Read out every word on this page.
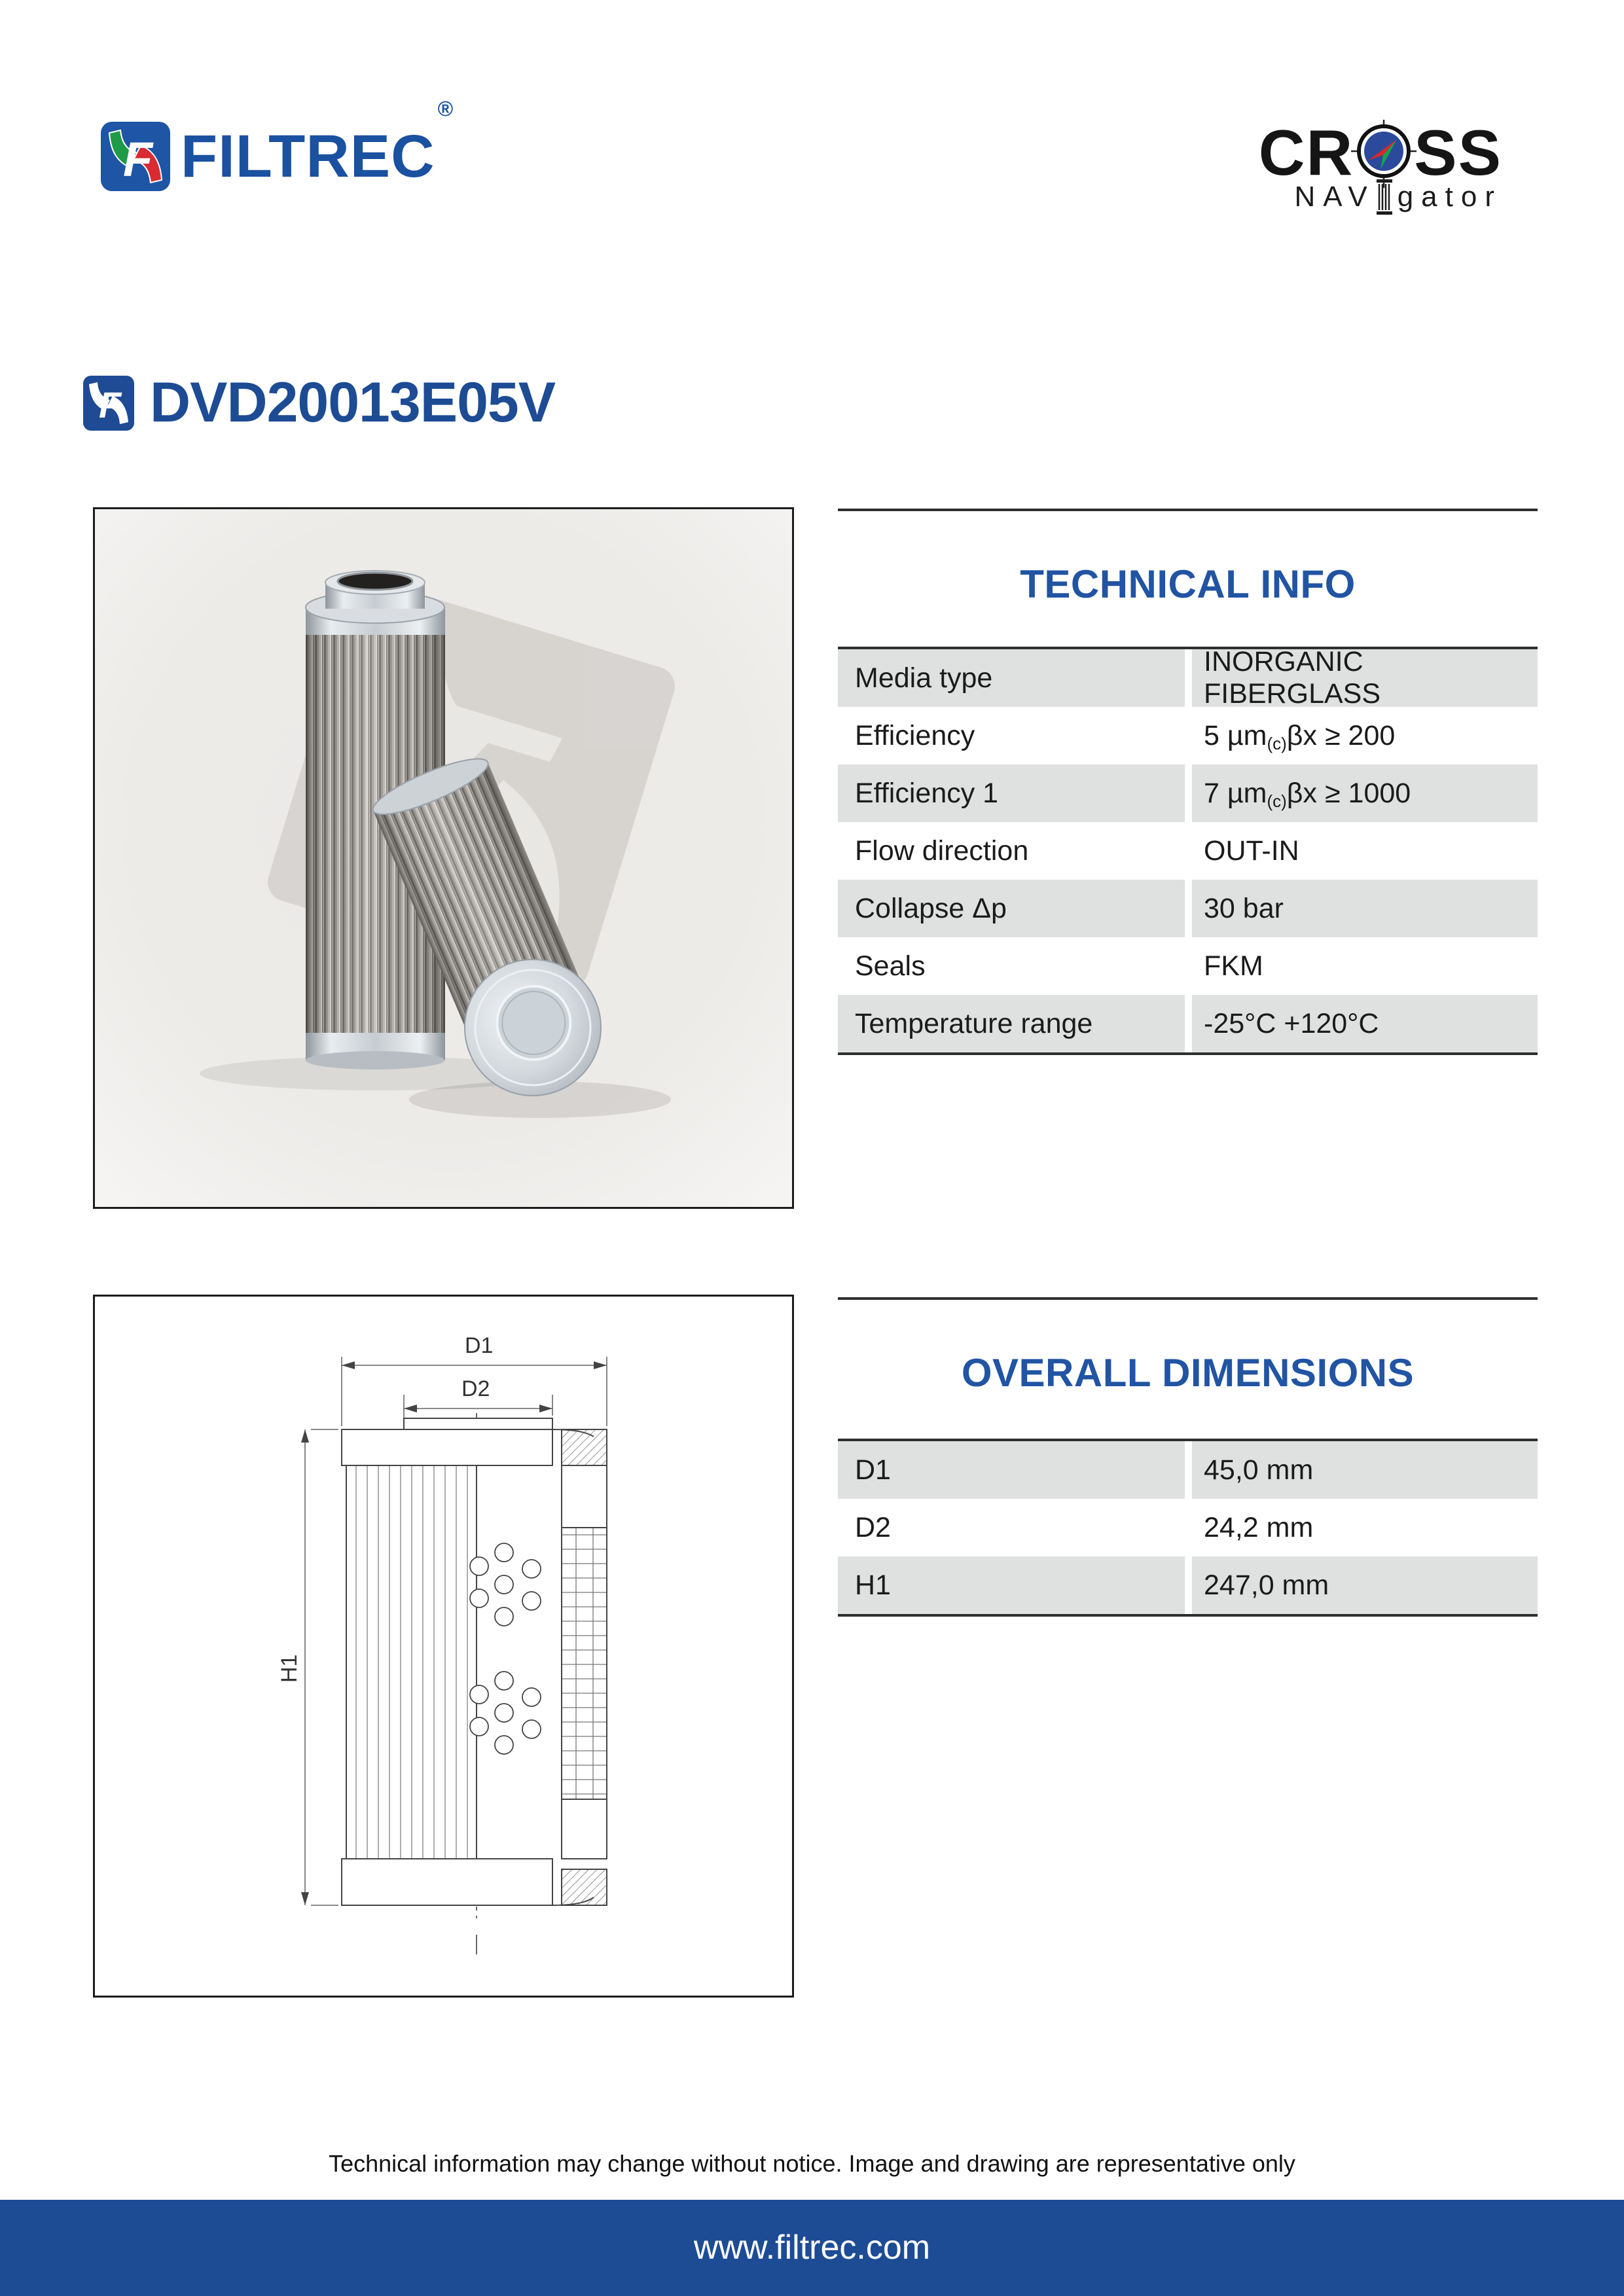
F FILTREC®
CR SS
NAV gator
F DVD20013E05V
TECHNICAL INFO
Media type
INORGANIC FIBERGLASS
Efficiency	5 µm$_{(c)}$ βx ≥ 200
Efficiency 1	7 µm$_{(c)}$ βx ≥ 1000
Flow direction	OUT-IN
Collapse Δp	30 bar
Seals	FKM
Temperature range	-25°C +120°C
D1
D2
H1
OVERALL DIMENSIONS
D1	45,0 mm
D2	24,2 mm
H1	247,0 mm
Technical information may change without notice. Image and drawing are representative only
www.filtrec.com
